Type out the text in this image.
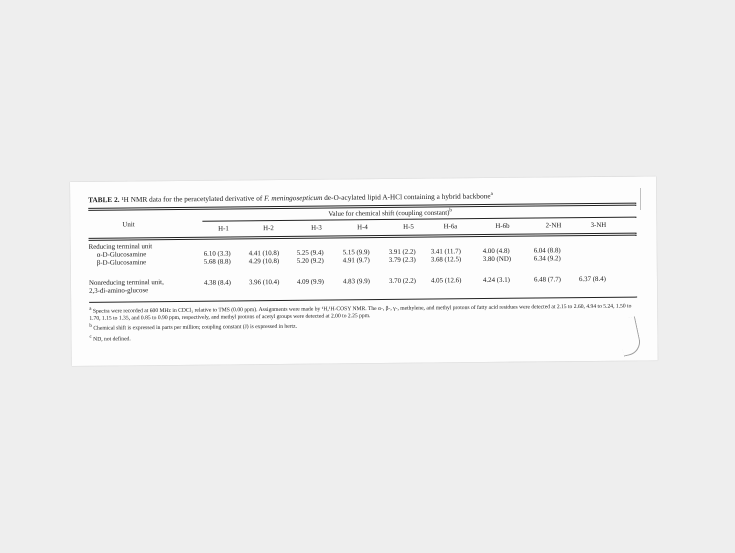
TABLE 2. ¹H NMR data for the peracetylated derivative of F. meningosepticum de-O-acylated lipid A-HCl containing a hybrid backbone$^a$
Unit
Value for chemical shift (coupling constant)$^b$
H-1	H-2	H-3	H-4	H-5	H-6a	H-6b	2-NH	3-NH
Reducing terminal unit
α-D-Glucosamine	6.10 (3.3)	4.41 (10.8)	5.25 (9.4)	5.15 (9.9)	3.91 (2.2) 3.41 (11.7)	4.00 (4.8)	6.04 (8.8)
β-D-Glucosamine	5.68 (8.8)	4.29 (10.8)	5.20 (9.2)	4.91 (9.7)	3.79 (2.3) 3.68 (12.5)	3.80 (ND)	6.34 (9.2)
Nonreducing terminal unit,
2,3-di-amino-glucose
4.38 (8.4)	3.96 (10.4)	4.09 (9.9)	4.83 (9.9)	3.70 (2.2) 4.05 (12.6)	4.24 (3.1)	6.48 (7.7)	6.37 (8.4)

$^a$ Spectra were recorded at 600 MHz in CDCl₃ relative to TMS (0.00 ppm). Assignments were made by ¹H,¹H-COSY NMR. The α-, β-, γ-, methylene, and methyl protons of fatty acid residues were detected at 2.15 to 2.60, 4.94 to 5.24, 1.50 to 1.70, 1.15 to 1.35, and 0.85 to 0.90 ppm, respectively, and methyl protons of acetyl groups were detected at 2.00 to 2.25 ppm.

$^b$ Chemical shift is expressed in parts per million; coupling constant (J) is expressed in hertz.

$^c$ ND, not defined.
